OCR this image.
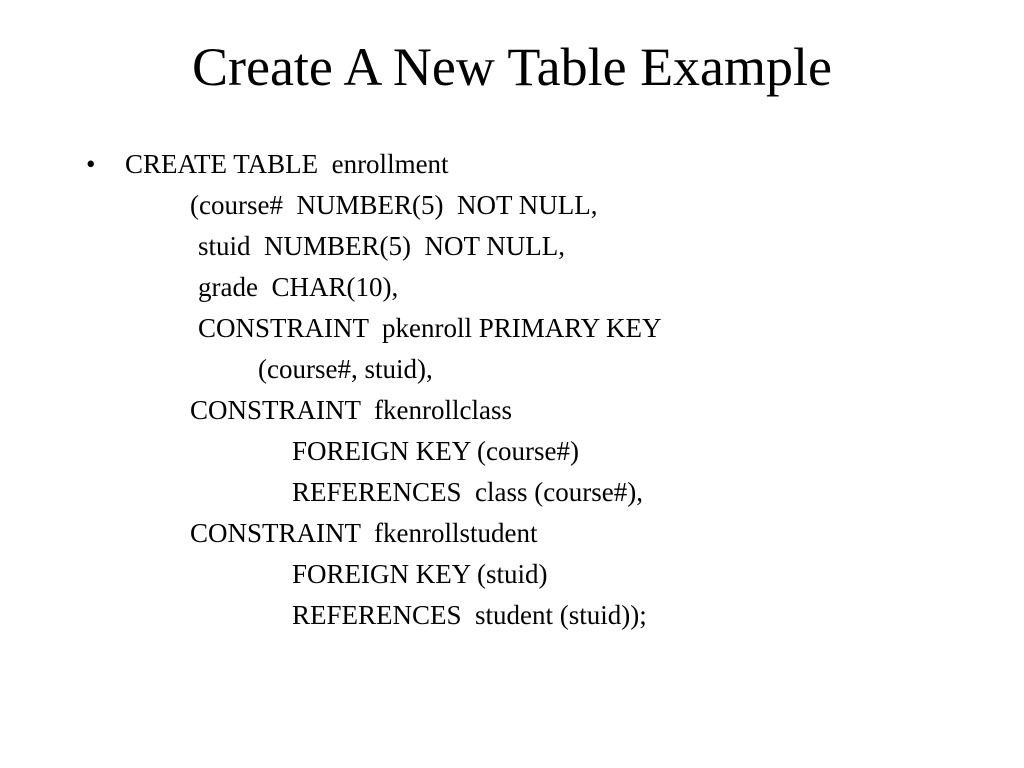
Create A New Table Example
• CREATE TABLE  enrollment
(course#  NUMBER(5)  NOT NULL,
stuid  NUMBER(5)  NOT NULL,
grade  CHAR(10),
CONSTRAINT  pkenroll PRIMARY KEY
(course#, stuid),
CONSTRAINT  fkenrollclass
FOREIGN KEY (course#)
REFERENCES  class (course#),
CONSTRAINT  fkenrollstudent
FOREIGN KEY (stuid)
REFERENCES  student (stuid));
